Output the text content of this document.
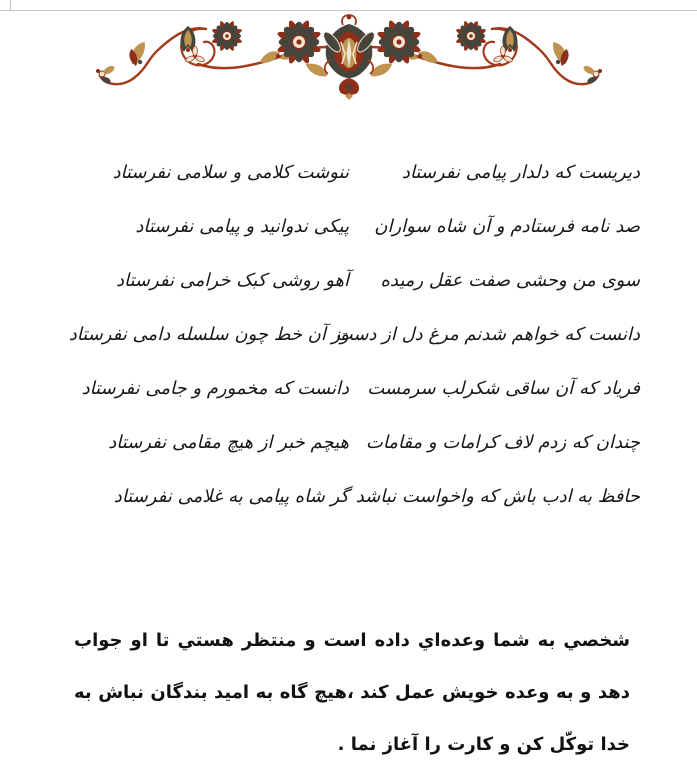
دیریست که دلدار پیامی نفرستاد
ننوشت کلامی و سلامی نفرستاد
صد نامه فرستادم و آن شاه سواران
پیکی ندوانید و پیامی نفرستاد
سوی من وحشی صفت عقل رمیده
آهو روشی کبک خرامی نفرستاد
دانست که خواهم شدنم مرغ دل از دست
وز آن خط چون سلسله دامی نفرستاد
فریاد که آن ساقی شکرلب سرمست
دانست که مخمورم و جامی نفرستاد
چندان که زدم لاف کرامات و مقامات
هیچم خبر از هیچ مقامی نفرستاد
حافظ به ادب باش که واخواست نباشد
گر شاه پیامی به غلامی نفرستاد
شخصي به شما وعده‌اي داده است و منتظر هستي تا او جواب
دهد و به وعده خويش عمل کند ،هيچ گاه به اميد بندگان نباش به
خدا توکّل کن و کارت را آغاز نما .
